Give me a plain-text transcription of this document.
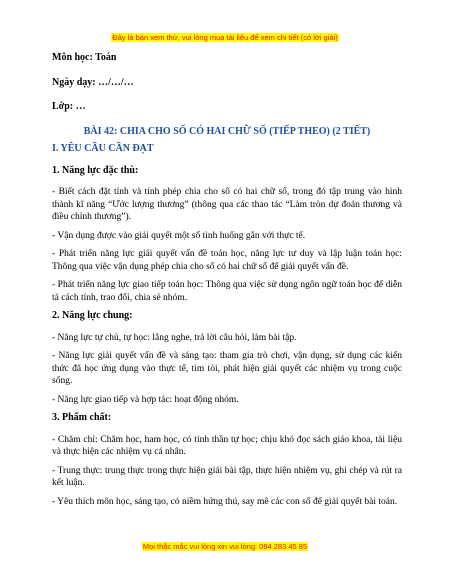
Đây là bản xem thử, vui lòng mua tài liệu để xem chi tiết (có lời giải)
Môn học: Toán
Ngày dạy: …/…/…
Lớp: …
BÀI 42: CHIA CHO SỐ CÓ HAI CHỮ SỐ (TIẾP THEO) (2 TIẾT)
I. YÊU CẦU CẦN ĐẠT
1. Năng lực đặc thù:
- Biết cách đặt tính và tính phép chia cho số có hai chữ số, trong đó tập trung vào hình thành kĩ năng “Ước lượng thương” (thông qua các thao tác “Làm tròn dự đoán thương và điều chỉnh thương”).
- Vận dụng được vào giải quyết một số tình huống gắn với thực tế.
- Phát triển năng lực giải quyết vấn đề toán học, năng lực tư duy và lập luận toán học: Thông qua việc vận dụng phép chia cho số có hai chữ số để giải quyết vấn đề.
- Phát triển năng lực giao tiếp toán học: Thông qua việc sử dụng ngôn ngữ toán học để diễn tả cách tính, trao đổi, chia sẻ nhóm.
2. Năng lực chung:
- Năng lực tự chủ, tự học: lắng nghe, trả lời câu hỏi, làm bài tập.
- Năng lực giải quyết vấn đề và sáng tạo: tham gia trò chơi, vận dụng, sử dụng các kiến thức đã học ứng dụng vào thực tế, tìm tòi, phát hiện giải quyết các nhiệm vụ trong cuộc sống.
- Năng lực giao tiếp và hợp tác: hoạt động nhóm.
3. Phẩm chất:
- Chăm chỉ: Chăm học, ham học, có tinh thần tự học; chịu khó đọc sách giáo khoa, tài liệu và thực hiện các nhiệm vụ cá nhân.
- Trung thực: trung thực trong thực hiện giải bài tập, thực hiện nhiệm vụ, ghi chép và rút ra kết luận.
- Yêu thích môn học, sáng tạo, có niềm hứng thú, say mê các con số để giải quyết bài toán.
Mọi thắc mắc vui lòng xin vui lòng: 084 283 45 85
